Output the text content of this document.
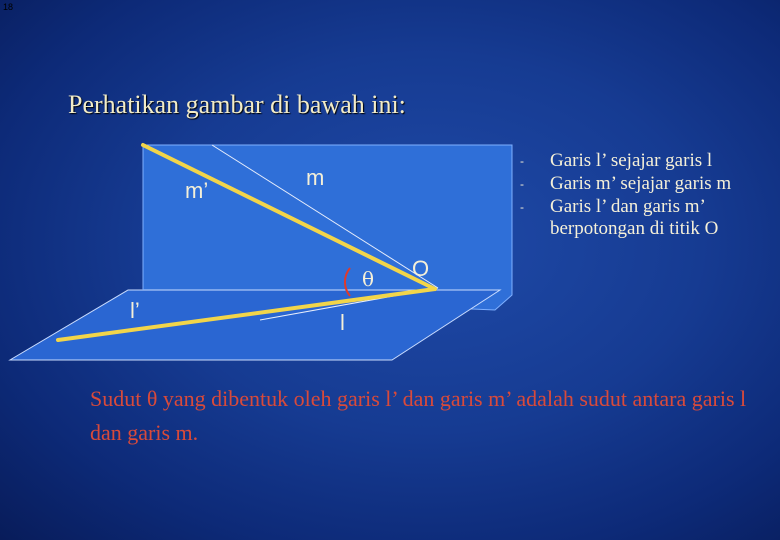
18
Perhatikan gambar di bawah ini:
m’
m
θ O
l’	l
- Garis l’ sejajar garis l
- Garis m’ sejajar garis m
- Garis l’ dan garis m’ berpotongan di titik O
Sudut θ yang dibentuk oleh garis l’ dan garis m’ adalah sudut antara garis l dan garis m.
